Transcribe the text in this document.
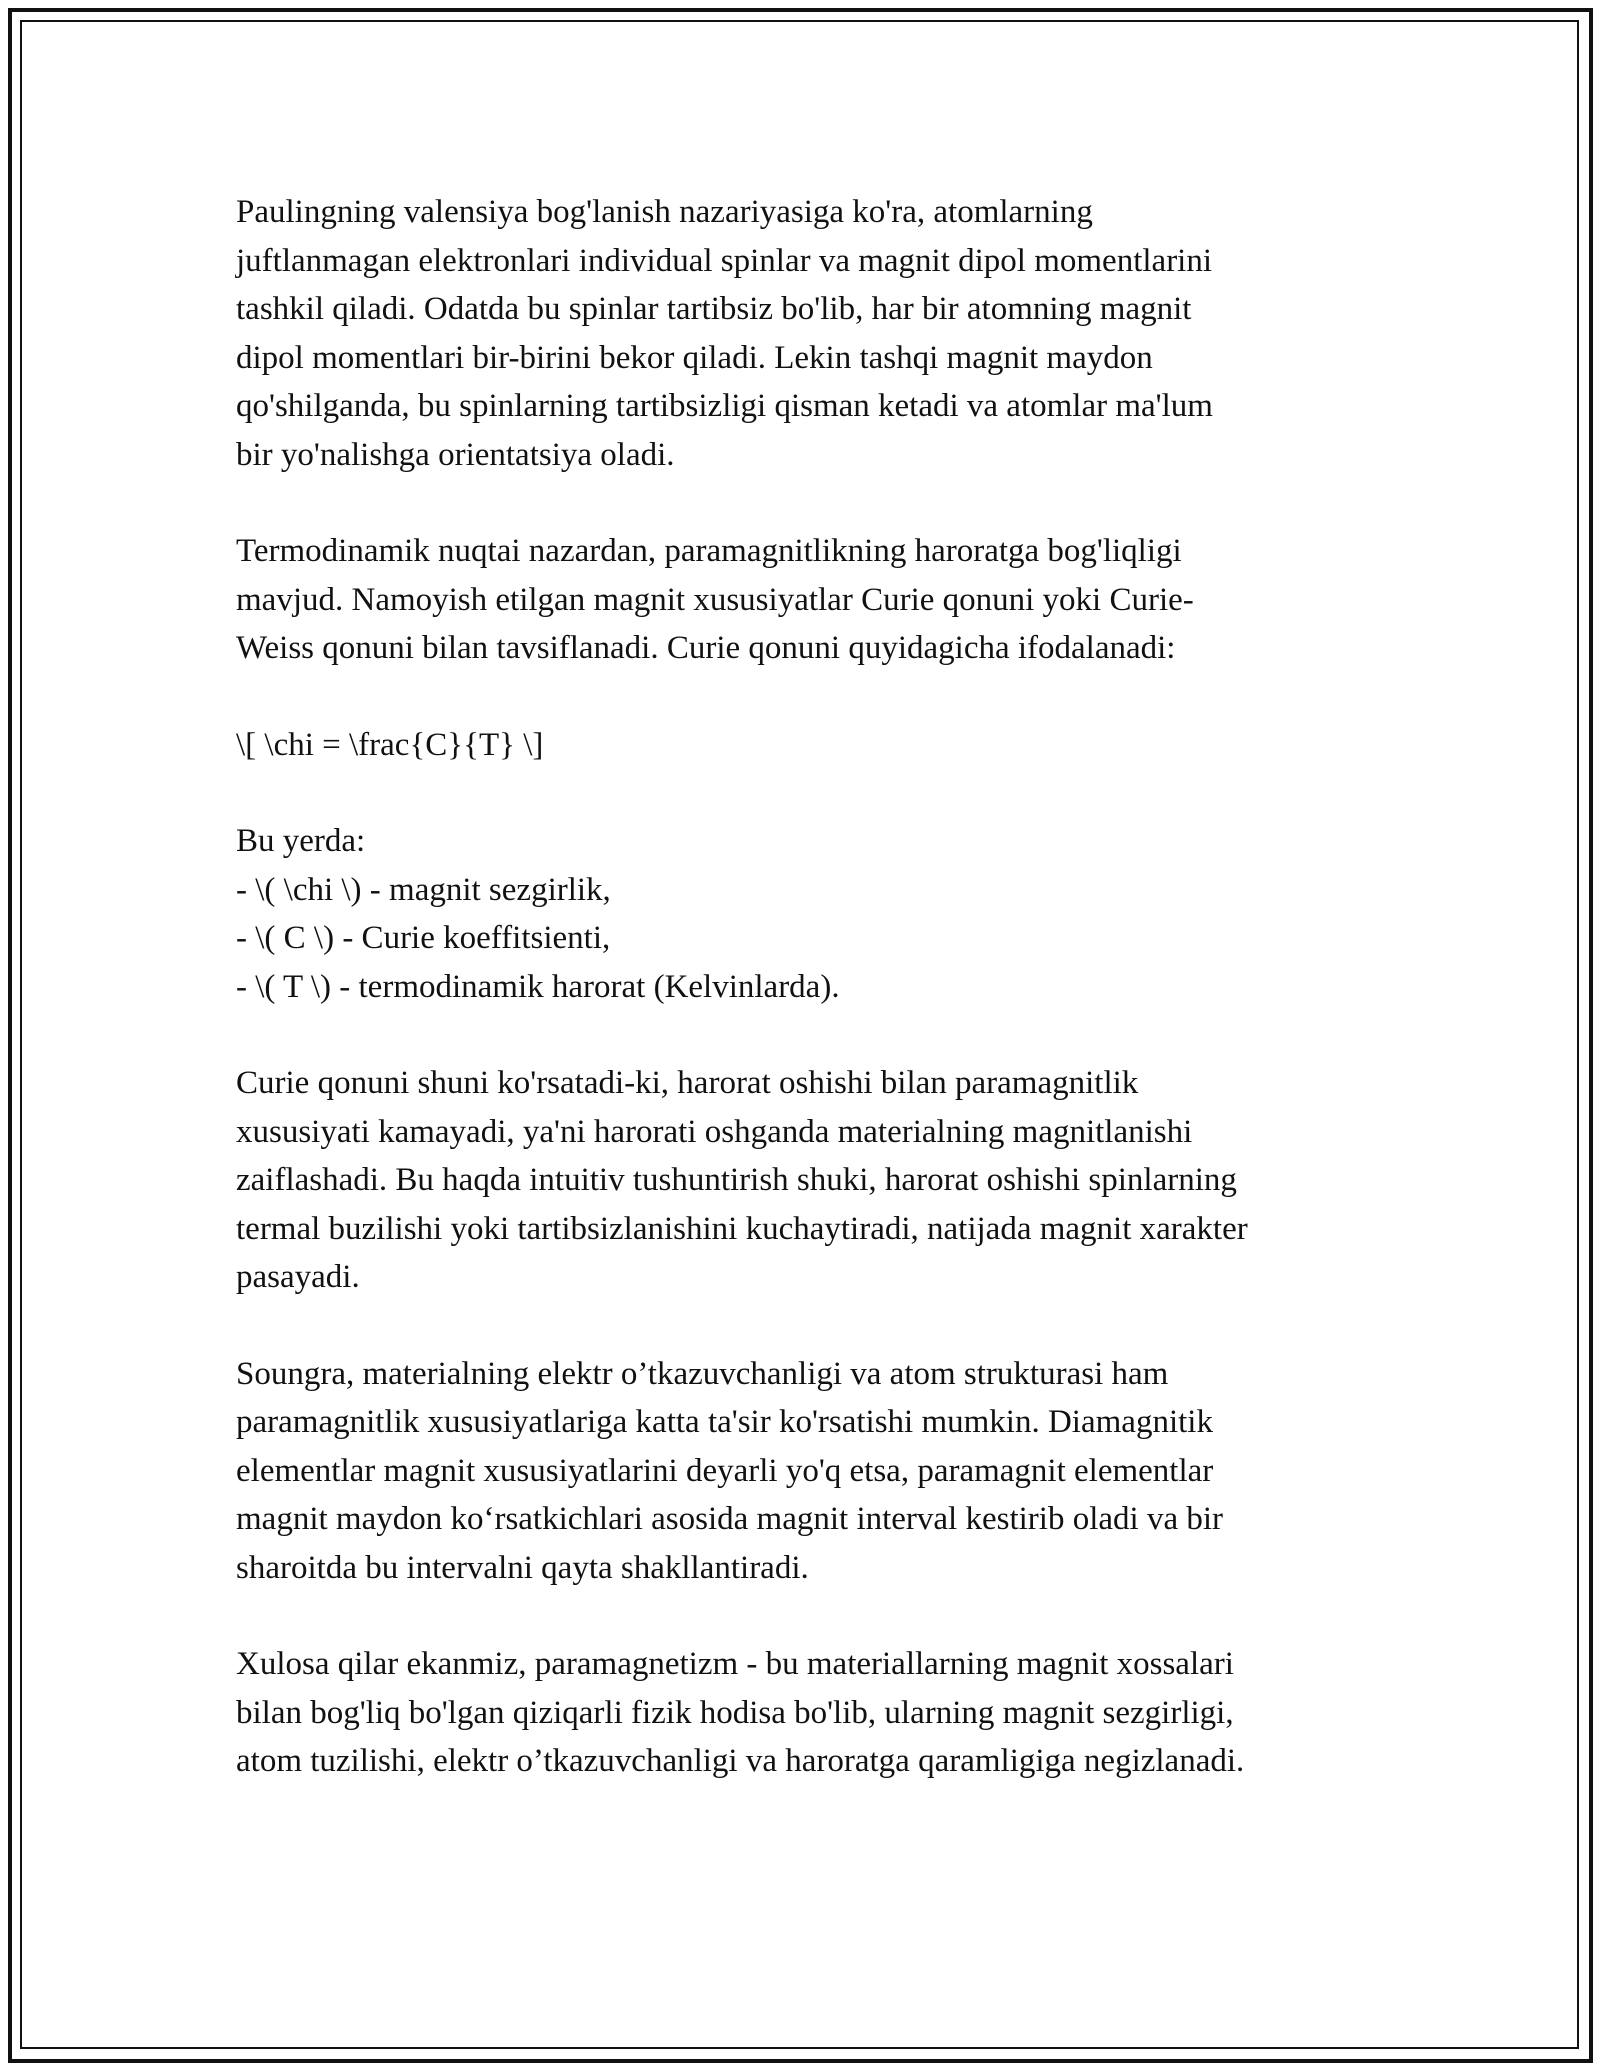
Paulingning valensiya bog'lanish nazariyasiga ko'ra, atomlarning
juftlanmagan elektronlari individual spinlar va magnit dipol momentlarini
tashkil qiladi. Odatda bu spinlar tartibsiz bo'lib, har bir atomning magnit
dipol momentlari bir-birini bekor qiladi. Lekin tashqi magnit maydon
qo'shilganda, bu spinlarning tartibsizligi qisman ketadi va atomlar ma'lum
bir yo'nalishga orientatsiya oladi.

Termodinamik nuqtai nazardan, paramagnitlikning haroratga bog'liqligi
mavjud. Namoyish etilgan magnit xususiyatlar Curie qonuni yoki Curie-
Weiss qonuni bilan tavsiflanadi. Curie qonuni quyidagicha ifodalanadi:

\[ \chi = \frac{C}{T} \]

Bu yerda:
- \( \chi \) - magnit sezgirlik,
- \( C \) - Curie koeffitsienti,
- \( T \) - termodinamik harorat (Kelvinlarda).

Curie qonuni shuni ko'rsatadi-ki, harorat oshishi bilan paramagnitlik
xususiyati kamayadi, ya'ni harorati oshganda materialning magnitlanishi
zaiflashadi. Bu haqda intuitiv tushuntirish shuki, harorat oshishi spinlarning
termal buzilishi yoki tartibsizlanishini kuchaytiradi, natijada magnit xarakter
pasayadi.

Soungra, materialning elektr o’tkazuvchanligi va atom strukturasi ham
paramagnitlik xususiyatlariga katta ta'sir ko'rsatishi mumkin. Diamagnitik
elementlar magnit xususiyatlarini deyarli yo'q etsa, paramagnit elementlar
magnit maydon ko‘rsatkichlari asosida magnit interval kestirib oladi va bir
sharoitda bu intervalni qayta shakllantiradi.

Xulosa qilar ekanmiz, paramagnetizm - bu materiallarning magnit xossalari
bilan bog'liq bo'lgan qiziqarli fizik hodisa bo'lib, ularning magnit sezgirligi,
atom tuzilishi, elektr o’tkazuvchanligi va haroratga qaramligiga negizlanadi.
